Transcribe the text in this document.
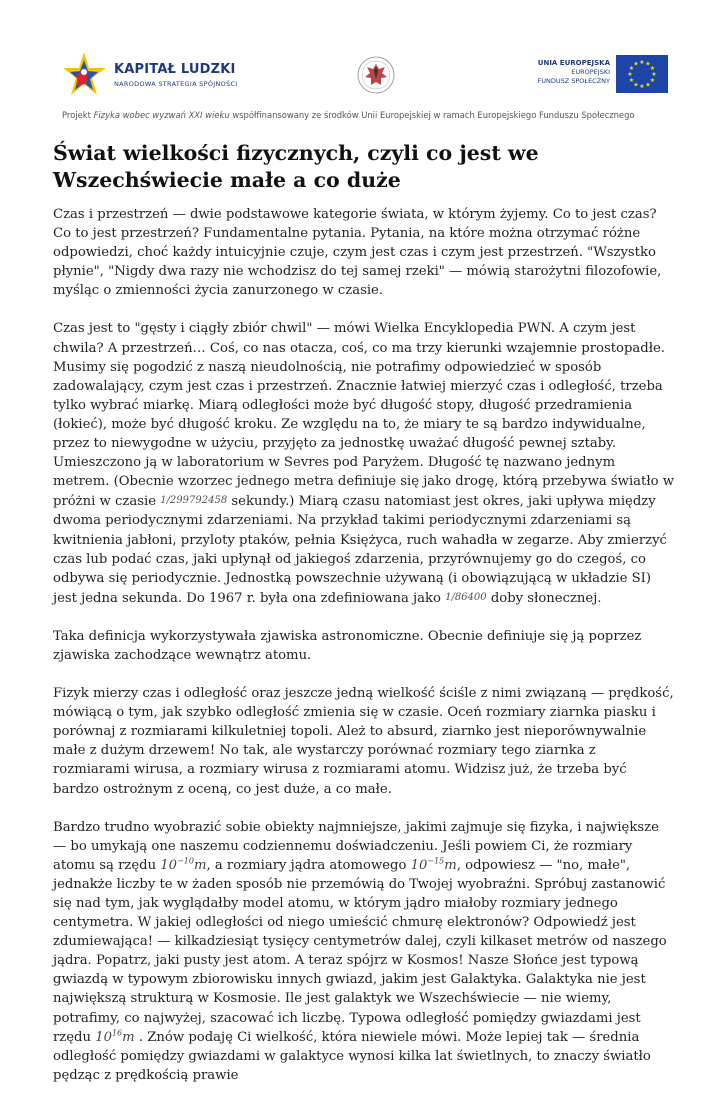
KAPITAŁ LUDZKI
NARODOWA STRATEGIA SPÓJNOŚCI
UNIA EUROPEJSKA
EUROPEJSKI
FUNDUSZ SPOŁECZNY
★ ★
★
★
★
★
★
★
★
★
★
★
Projekt Fizyka wobec wyzwań XXI wieku współfinansowany ze środków Unii Europejskiej w ramach Europejskiego Funduszu Społecznego
Świat wielkości fizycznych, czyli co jest we Wszechświecie małe a co duże

Czas i przestrzeń — dwie podstawowe kategorie świata, w którym żyjemy. Co to jest czas? Co to jest przestrzeń? Fundamentalne pytania. Pytania, na które można otrzymać różne odpowiedzi, choć każdy intuicyjnie czuje, czym jest czas i czym jest przestrzeń. "Wszystko płynie", "Nigdy dwa razy nie wchodzisz do tej samej rzeki" — mówią starożytni filozofowie, myśląc o zmienności życia zanurzonego w czasie.

Czas jest to "gęsty i ciągły zbiór chwil" — mówi Wielka Encyklopedia PWN. A czym jest chwila? A przestrzeń… Coś, co nas otacza, coś, co ma trzy kierunki wzajemnie prostopadłe. Musimy się pogodzić z naszą nieudolnością, nie potrafimy odpowiedzieć w sposób zadowalający, czym jest czas i przestrzeń. Znacznie łatwiej mierzyć czas i odległość, trzeba tylko wybrać miarkę. Miarą odległości może być długość stopy, długość przedramienia (łokieć), może być długość kroku. Ze względu na to, że miary te są bardzo indywidualne, przez to niewygodne w użyciu, przyjęto za jednostkę uważać długość pewnej sztaby. Umieszczono ją w laboratorium w Sevres pod Paryżem. Długość tę nazwano jednym metrem. (Obecnie wzorzec jednego metra definiuje się jako drogę, którą przebywa światło w próżni w czasie 1/299792458 sekundy.) Miarą czasu natomiast jest okres, jaki upływa między dwoma periodycznymi zdarzeniami. Na przykład takimi periodycznymi zdarzeniami są kwitnienia jabłoni, przyloty ptaków, pełnia Księżyca, ruch wahadła w zegarze. Aby zmierzyć czas lub podać czas, jaki upłynął od jakiegoś zdarzenia, przyrównujemy go do czegoś, co odbywa się periodycznie. Jednostką powszechnie używaną (i obowiązującą w układzie SI) jest jedna sekunda. Do 1967 r. była ona zdefiniowana jako 1/86400 doby słonecznej.

Taka definicja wykorzystywała zjawiska astronomiczne. Obecnie definiuje się ją poprzez zjawiska zachodzące wewnątrz atomu.

Fizyk mierzy czas i odległość oraz jeszcze jedną wielkość ściśle z nimi związaną — prędkość, mówiącą o tym, jak szybko odległość zmienia się w czasie. Oceń rozmiary ziarnka piasku i porównaj z rozmiarami kilkuletniej topoli. Ależ to absurd, ziarnko jest nieporównywalnie małe z dużym drzewem! No tak, ale wystarczy porównać rozmiary tego ziarnka z rozmiarami wirusa, a rozmiary wirusa z rozmiarami atomu. Widzisz już, że trzeba być bardzo ostrożnym z oceną, co jest duże, a co małe.

Bardzo trudno wyobrazić sobie obiekty najmniejsze, jakimi zajmuje się fizyka, i największe — bo umykają one naszemu codziennemu doświadczeniu. Jeśli powiem Ci, że rozmiary atomu są rzędu $10^{-10}m$, a rozmiary jądra atomowego $10^{-15}m$, odpowiesz — "no, małe", jednakże liczby te w żaden sposób nie przemówią do Twojej wyobraźni. Spróbuj zastanowić się nad tym, jak wyglądałby model atomu, w którym jądro miałoby rozmiary jednego centymetra. W jakiej odległości od niego umieścić chmurę elektronów? Odpowiedź jest zdumiewająca! — kilkadziesiąt tysięcy centymetrów dalej, czyli kilkaset metrów od naszego jądra. Popatrz, jaki pusty jest atom. A teraz spójrz w Kosmos! Nasze Słońce jest typową gwiazdą w typowym zbiorowisku innych gwiazd, jakim jest Galaktyka. Galaktyka nie jest największą strukturą w Kosmosie. Ile jest galaktyk we Wszechświecie — nie wiemy, potrafimy, co najwyżej, szacować ich liczbę. Typowa odległość pomiędzy gwiazdami jest rzędu $10^{16}m$ . Znów podaję Ci wielkość, która niewiele mówi. Może lepiej tak — średnia odległość pomiędzy gwiazdami w galaktyce wynosi kilka lat świetlnych, to znaczy światło pędząc z prędkością prawie
